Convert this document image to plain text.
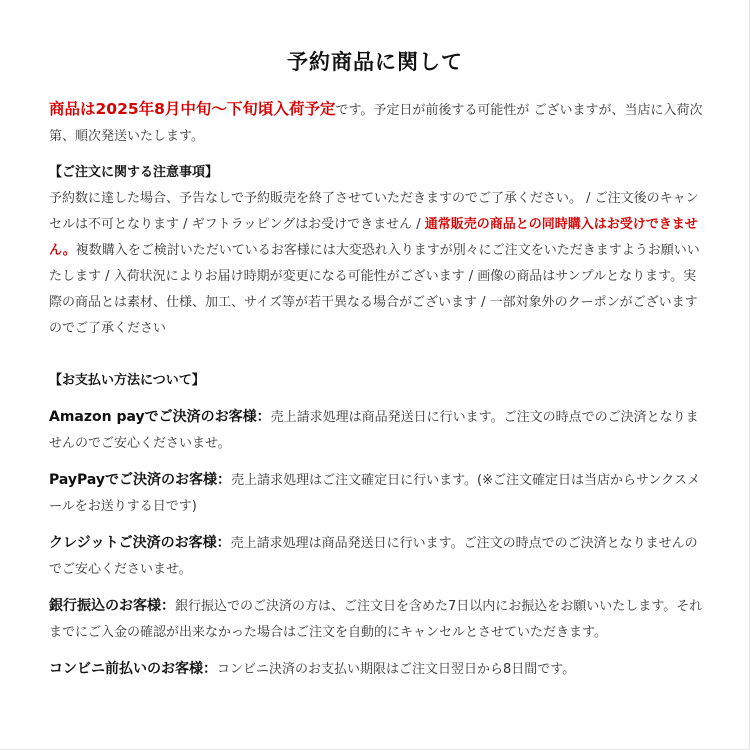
予約商品に関して

商品は2025年8月中旬〜下旬頃入荷予定です。予定日が前後する可能性が ございますが、当店に入荷次第、順次発送いたします。

【ご注文に関する注意事項】

予約数に達した場合、予告なしで予約販売を終了させていただきますのでご了承ください。 / ご注文後のキャンセルは不可となります / ギフトラッピングはお受けできません / 通常販売の商品との同時購入はお受けできません。複数購入をご検討いただいているお客様には大変恐れ入りますが別々にご注文をいただきますようお願いいたします / 入荷状況によりお届け時期が変更になる可能性がございます / 画像の商品はサンプルとなります。実際の商品とは素材、仕様、加工、サイズ等が若干異なる場合がございます / 一部対象外のクーポンがございますのでご了承ください

【お支払い方法について】

Amazon payでご決済のお客様：売上請求処理は商品発送日に行います。ご注文の時点でのご決済となりませんのでご安心くださいませ。

PayPayでご決済のお客様：売上請求処理はご注文確定日に行います。(※ご注文確定日は当店からサンクスメールをお送りする日です)

クレジットご決済のお客様：売上請求処理は商品発送日に行います。ご注文の時点でのご決済となりませんのでご安心くださいませ。

銀行振込のお客様：銀行振込でのご決済の方は、ご注文日を含めた7日以内にお振込をお願いいたします。それまでにご入金の確認が出来なかった場合はご注文を自動的にキャンセルとさせていただきます。

コンビニ前払いのお客様：コンビニ決済のお支払い期限はご注文日翌日から8日間です。
